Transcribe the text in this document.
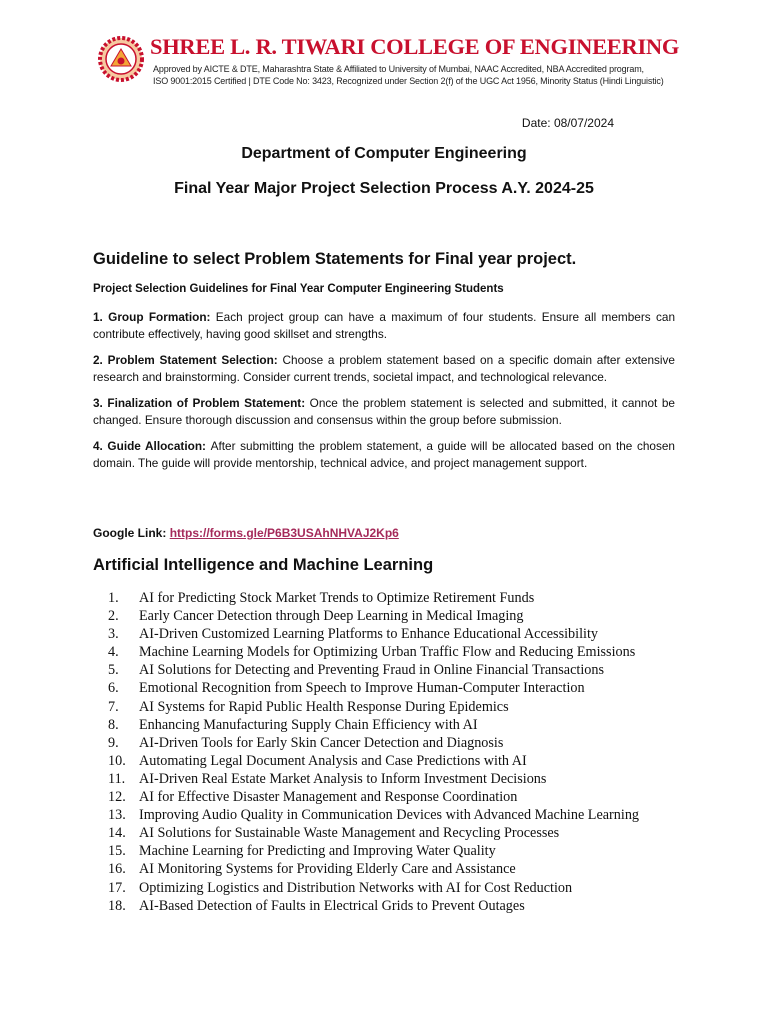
SHREE L. R. TIWARI COLLEGE OF ENGINEERING
Approved by AICTE & DTE, Maharashtra State & Affiliated to University of Mumbai, NAAC Accredited, NBA Accredited program,
ISO 9001:2015 Certified | DTE Code No: 3423, Recognized under Section 2(f) of the UGC Act 1956, Minority Status (Hindi Linguistic)
Date: 08/07/2024
Department of Computer Engineering
Final Year Major Project Selection Process A.Y. 2024-25
Guideline to select Problem Statements for Final year project.
Project Selection Guidelines for Final Year Computer Engineering Students

1. Group Formation: Each project group can have a maximum of four students. Ensure all members can contribute effectively, having good skillset and strengths.

2. Problem Statement Selection: Choose a problem statement based on a specific domain after extensive research and brainstorming. Consider current trends, societal impact, and technological relevance.

3. Finalization of Problem Statement: Once the problem statement is selected and submitted, it cannot be changed. Ensure thorough discussion and consensus within the group before submission.

4. Guide Allocation: After submitting the problem statement, a guide will be allocated based on the chosen domain. The guide will provide mentorship, technical advice, and project management support.

Google Link: https://forms.gle/P6B3USAhNHVAJ2Kp6
Artificial Intelligence and Machine Learning
1.	AI for Predicting Stock Market Trends to Optimize Retirement Funds
2.	Early Cancer Detection through Deep Learning in Medical Imaging
3.	AI-Driven Customized Learning Platforms to Enhance Educational Accessibility
4.	Machine Learning Models for Optimizing Urban Traffic Flow and Reducing Emissions
5.	AI Solutions for Detecting and Preventing Fraud in Online Financial Transactions
6.	Emotional Recognition from Speech to Improve Human-Computer Interaction
7.	AI Systems for Rapid Public Health Response During Epidemics
8.	Enhancing Manufacturing Supply Chain Efficiency with AI
9.	AI-Driven Tools for Early Skin Cancer Detection and Diagnosis
10. Automating Legal Document Analysis and Case Predictions with AI
11. AI-Driven Real Estate Market Analysis to Inform Investment Decisions
12. AI for Effective Disaster Management and Response Coordination
13. Improving Audio Quality in Communication Devices with Advanced Machine Learning
14. AI Solutions for Sustainable Waste Management and Recycling Processes
15. Machine Learning for Predicting and Improving Water Quality
16. AI Monitoring Systems for Providing Elderly Care and Assistance
17. Optimizing Logistics and Distribution Networks with AI for Cost Reduction
18. AI-Based Detection of Faults in Electrical Grids to Prevent Outages
